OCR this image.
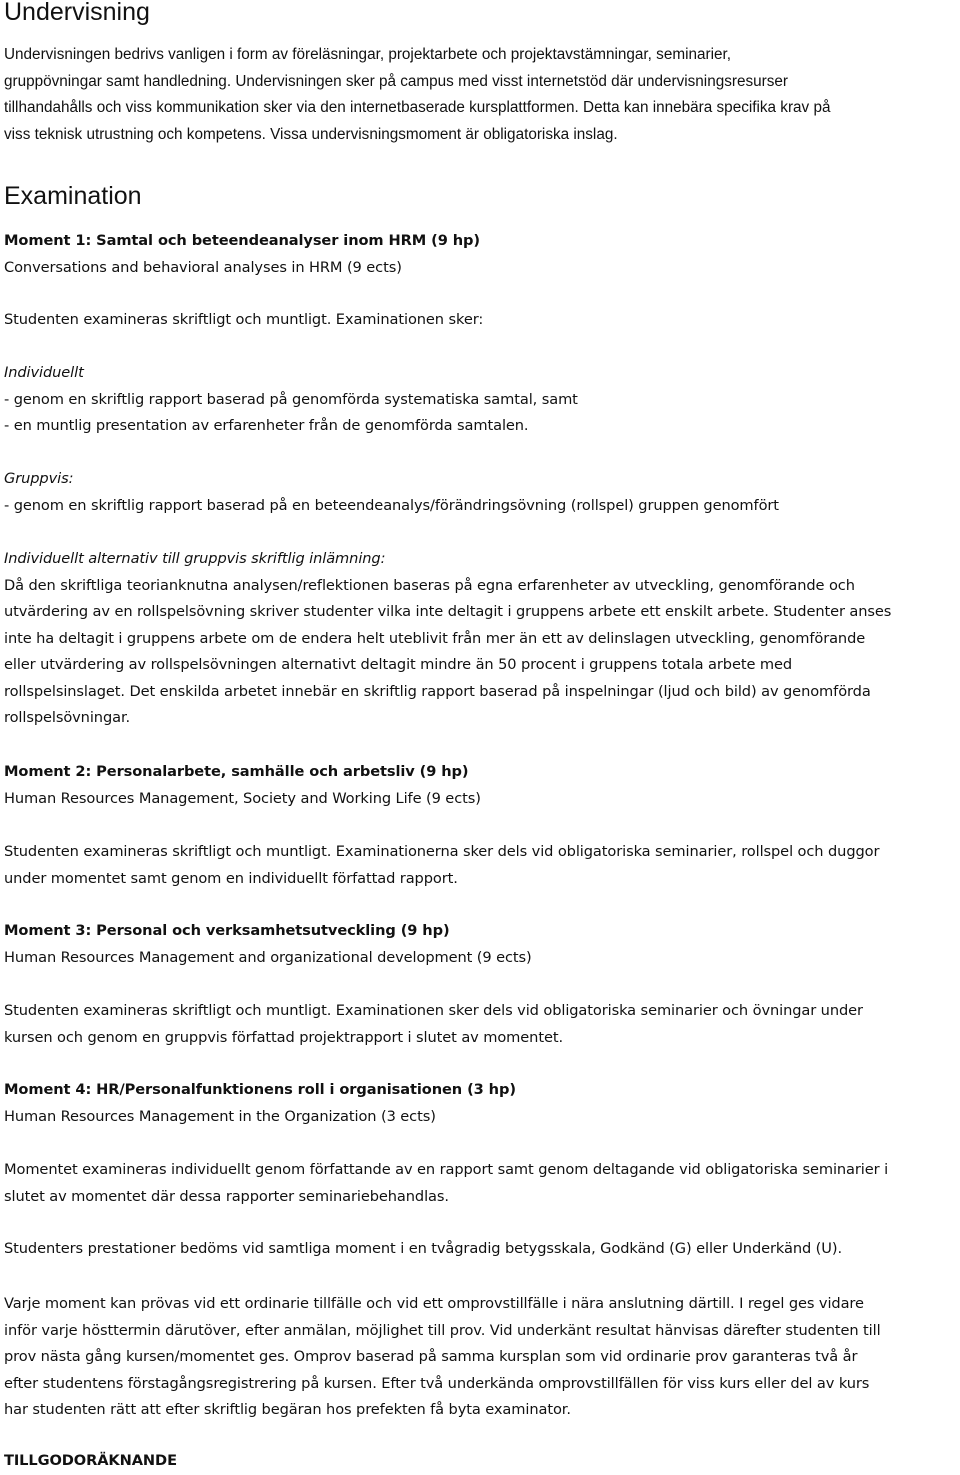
Undervisning
Undervisningen bedrivs vanligen i form av föreläsningar, projektarbete och projektavstämningar, seminarier,
gruppövningar samt handledning. Undervisningen sker på campus med visst internetstöd där undervisningsresurser
tillhandahålls och viss kommunikation sker via den internetbaserade kursplattformen. Detta kan innebära specifika krav på
viss teknisk utrustning och kompetens. Vissa undervisningsmoment är obligatoriska inslag.
Examination
Moment 1: Samtal och beteendeanalyser inom HRM (9 hp)
Conversations and behavioral analyses in HRM (9 ects)
Studenten examineras skriftligt och muntligt. Examinationen sker:
Individuellt
- genom en skriftlig rapport baserad på genomförda systematiska samtal, samt
- en muntlig presentation av erfarenheter från de genomförda samtalen.
Gruppvis:
- genom en skriftlig rapport baserad på en beteendeanalys/förändringsövning (rollspel) gruppen genomfört
Individuellt alternativ till gruppvis skriftlig inlämning:
Då den skriftliga teorianknutna analysen/reflektionen baseras på egna erfarenheter av utveckling, genomförande och
utvärdering av en rollspelsövning skriver studenter vilka inte deltagit i gruppens arbete ett enskilt arbete. Studenter anses
inte ha deltagit i gruppens arbete om de endera helt uteblivit från mer än ett av delinslagen utveckling, genomförande
eller utvärdering av rollspelsövningen alternativt deltagit mindre än 50 procent i gruppens totala arbete med
rollspelsinslaget. Det enskilda arbetet innebär en skriftlig rapport baserad på inspelningar (ljud och bild) av genomförda
rollspelsövningar.
Moment 2: Personalarbete, samhälle och arbetsliv (9 hp)
Human Resources Management, Society and Working Life (9 ects)
Studenten examineras skriftligt och muntligt. Examinationerna sker dels vid obligatoriska seminarier, rollspel och duggor
under momentet samt genom en individuellt författad rapport.
Moment 3: Personal och verksamhetsutveckling (9 hp)
Human Resources Management and organizational development (9 ects)
Studenten examineras skriftligt och muntligt. Examinationen sker dels vid obligatoriska seminarier och övningar under
kursen och genom en gruppvis författad projektrapport i slutet av momentet.
Moment 4: HR/Personalfunktionens roll i organisationen (3 hp)
Human Resources Management in the Organization (3 ects)
Momentet examineras individuellt genom författande av en rapport samt genom deltagande vid obligatoriska seminarier i
slutet av momentet där dessa rapporter seminariebehandlas.
Studenters prestationer bedöms vid samtliga moment i en tvågradig betygsskala, Godkänd (G) eller Underkänd (U).
Varje moment kan prövas vid ett ordinarie tillfälle och vid ett omprovstillfälle i nära anslutning därtill. I regel ges vidare
inför varje hösttermin därutöver, efter anmälan, möjlighet till prov. Vid underkänt resultat hänvisas därefter studenten till
prov nästa gång kursen/momentet ges. Omprov baserad på samma kursplan som vid ordinarie prov garanteras två år
efter studentens förstagångsregistrering på kursen. Efter två underkända omprovstillfällen för viss kurs eller del av kurs
har studenten rätt att efter skriftlig begäran hos prefekten få byta examinator.
TILLGODORÄKNANDE
